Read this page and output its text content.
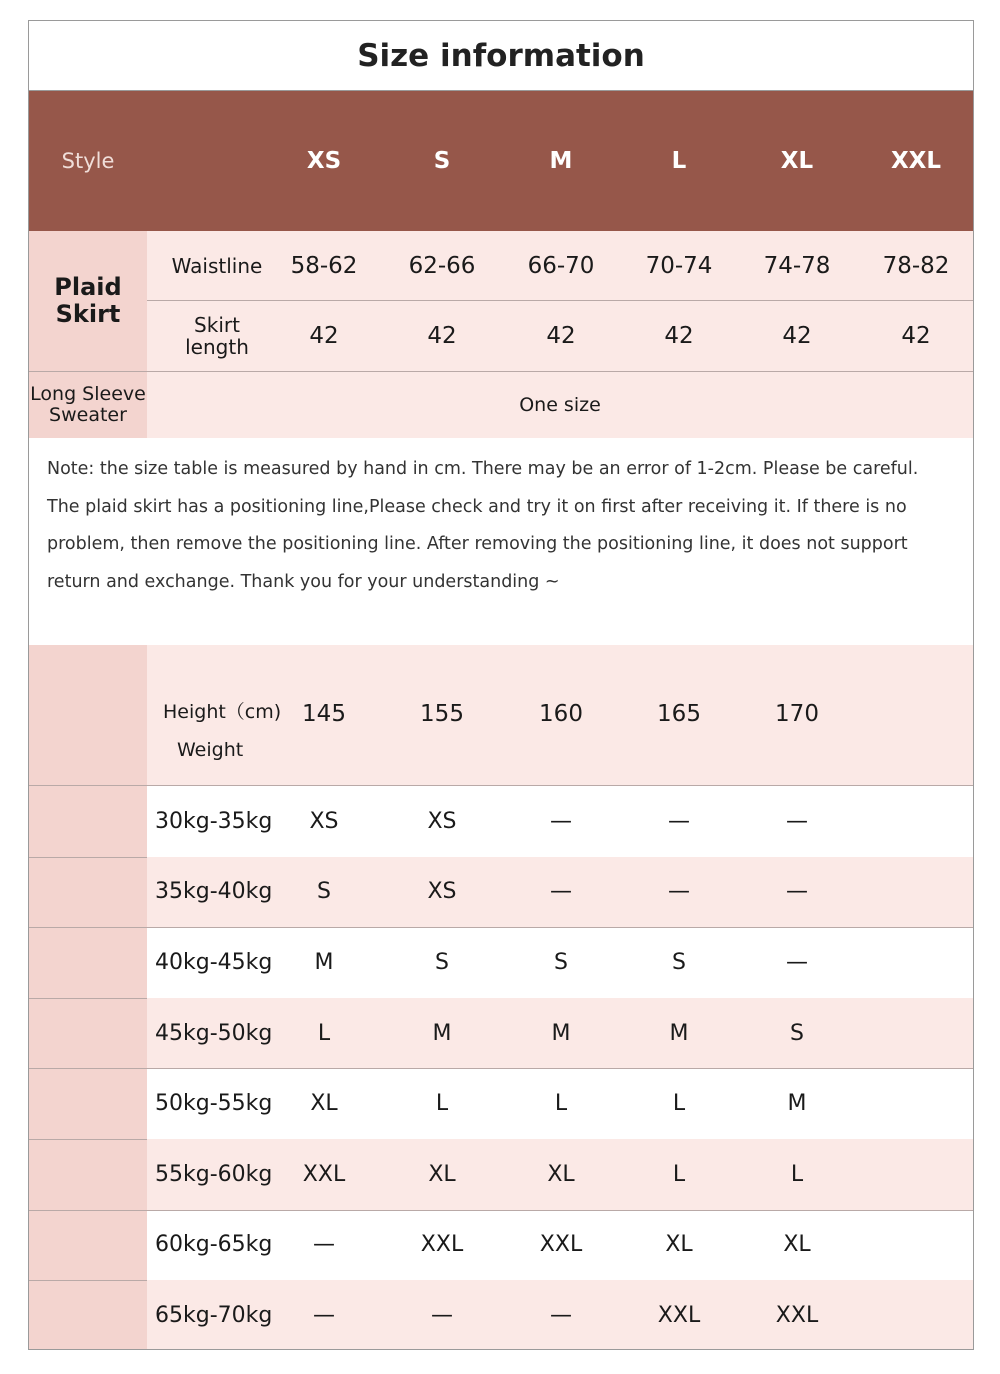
Size information
Style	XS	S	M	L	XL	XXL
Plaid Skirt
Waistline	58-62	62-66	66-70	70-74	74-78	78-82
Skirt length	42	42	42	42	42	42
Long Sleeve Sweater	One size
Note: the size table is measured by hand in cm. There may be an error of 1-2cm. Please be careful.
The plaid skirt has a positioning line,Please check and try it on first after receiving it. If there is no problem, then remove the positioning line. After removing the positioning line, it does not support return and exchange. Thank you for your understanding ~
Height（cm)
Weight
145	155	160	165	170
30kg-35kg	XS	XS	—	—	—
35kg-40kg	S	XS	—	—	—
40kg-45kg	M	S	S	S	—
45kg-50kg	L	M	M	M	S
50kg-55kg	XL	L	L	L	M
55kg-60kg	XXL	XL	XL	L	L
60kg-65kg	—	XXL	XXL	XL	XL
65kg-70kg	—	—	—	XXL	XXL
